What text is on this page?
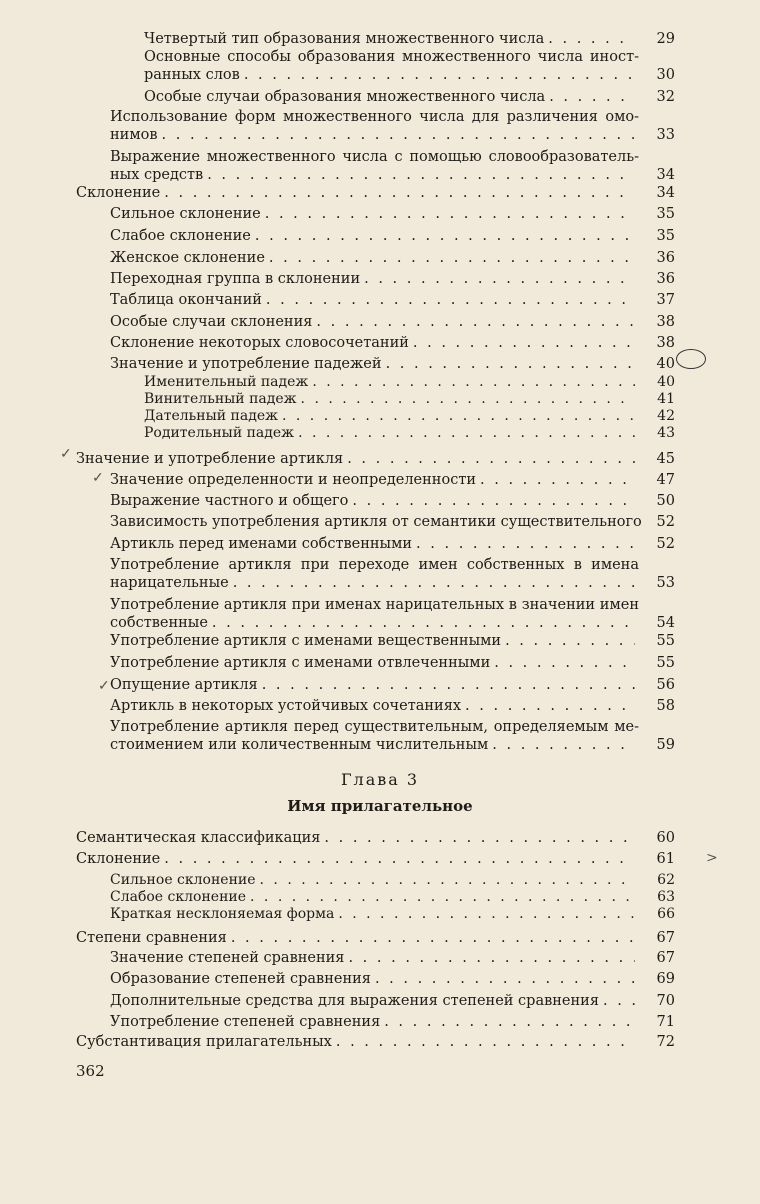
Четвертый тип образования множественного числа . . .	29
Основные способы образования множественного числа иност-
ранных слов . . .	30
Особые случаи образования множественного числа . . .	32
Использование форм множественного числа для различения омо-
нимов . . .	33
Выражение множественного числа с помощью словообразователь-
ных средств . . .	34
Склонение . . .	34
Сильное склонение . . .	35
Слабое склонение . . .	35
Женское склонение . . .	36
Переходная группа в склонении . . .	36
Таблица окончаний . . .	37
Особые случаи склонения . . .	38
Склонение некоторых словосочетаний . . .	38
Значение и употребление падежей . . .	40
Именительный падеж . . .	40
Винительный падеж . . .	41
Дательный падеж . . .	42
Родительный падеж . . .	43
Значение и употребление артикля . . .	45
Значение определенности и неопределенности . . .	47
Выражение частного и общего . . .	50
Зависимость употребления артикля от семантики существительного	52
Артикль перед именами собственными . . .	52
Употребление артикля при переходе имен собственных в имена
нарицательные . . .	53
Употребление артикля при именах нарицательных в значении имен
собственные . . .	54
Употребление артикля с именами вещественными . . .	55
Употребление артикля с именами отвлеченными . . .	55
Опущение артикля . . .	56
Артикль в некоторых устойчивых сочетаниях . . .	58
Употребление артикля перед существительным, определяемым ме-
стоимением или количественным числительным . . .	59
Семантическая классификация . . .	60
Склонение . . .	61
Сильное склонение . . .	62
Слабое склонение . . .	63
Краткая несклоняемая форма . . .	66
Степени сравнения . . .	67
Значение степеней сравнения . . .	67
Образование степеней сравнения . . .	69
Дополнительные средства для выражения степеней сравнения . . .	70
Употребление степеней сравнения . . .	71
Субстантивация прилагательных . . .	72
Глава 3
Имя прилагательное
>
✓
✓
✓
362
